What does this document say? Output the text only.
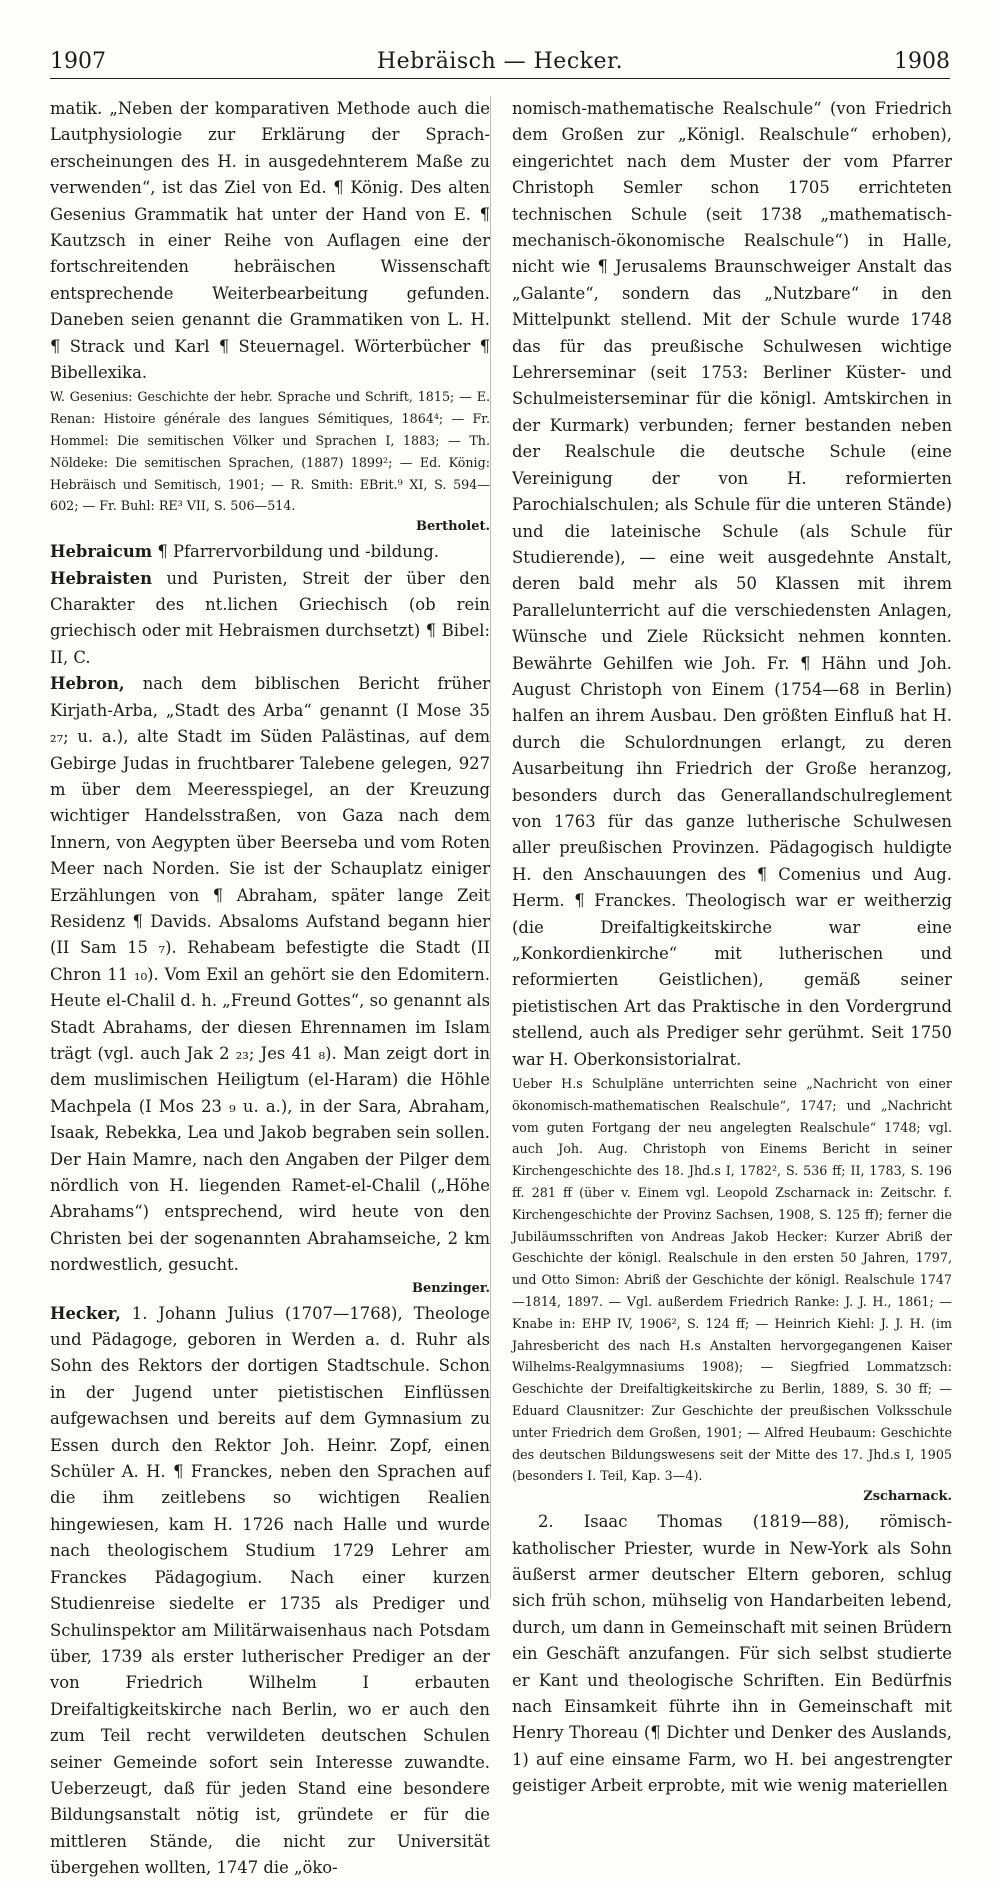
1907	Hebräisch — Hecker.	1908

matik. „Neben der komparativen Methode auch die Lautphysiologie zur Erklärung der Sprach-erscheinungen des H. in ausgedehnterem Maße zu verwenden“, ist das Ziel von Ed. ¶ König. Des alten Gesenius Grammatik hat unter der Hand von E. ¶ Kautzsch in einer Reihe von Auflagen eine der fortschreitenden hebräischen Wissenschaft entsprechende Weiterbearbeitung gefunden. Daneben seien genannt die Grammatiken von L. H. ¶ Strack und Karl ¶ Steuernagel. Wörterbücher ¶ Bibellexika.

W. Gesenius: Geschichte der hebr. Sprache und Schrift, 1815; — E. Renan: Histoire générale des langues Sémitiques, 1864⁴; — Fr. Hommel: Die semitischen Völker und Sprachen I, 1883; — Th. Nöldeke: Die semitischen Sprachen, (1887) 1899²; — Ed. König: Hebräisch und Semitisch, 1901; — R. Smith: EBrit.⁹ XI, S. 594—602; — Fr. Buhl: RE³ VII, S. 506—514.

Bertholet.

Hebraicum ¶ Pfarrervorbildung und -bildung.

Hebraisten und Puristen, Streit der über den Charakter des nt.lichen Griechisch (ob rein griechisch oder mit Hebraismen durchsetzt) ¶ Bibel: II, C.

Hebron, nach dem biblischen Bericht früher Kirjath-Arba, „Stadt des Arba“ genannt (I Mose 35 ₂₇; u. a.), alte Stadt im Süden Palästinas, auf dem Gebirge Judas in fruchtbarer Talebene gelegen, 927 m über dem Meeresspiegel, an der Kreuzung wichtiger Handelsstraßen, von Gaza nach dem Innern, von Aegypten über Beerseba und vom Roten Meer nach Norden. Sie ist der Schauplatz einiger Erzählungen von ¶ Abraham, später lange Zeit Residenz ¶ Davids. Absaloms Aufstand begann hier (II Sam 15 ₇). Rehabeam befestigte die Stadt (II Chron 11 ₁₀). Vom Exil an gehört sie den Edomitern. Heute el-Chalil d. h. „Freund Gottes“, so genannt als Stadt Abrahams, der diesen Ehrennamen im Islam trägt (vgl. auch Jak 2 ₂₃; Jes 41 ₈). Man zeigt dort in dem muslimischen Heiligtum (el-Haram) die Höhle Machpela (I Mos 23 ₉ u. a.), in der Sara, Abraham, Isaak, Rebekka, Lea und Jakob begraben sein sollen. Der Hain Mamre, nach den Angaben der Pilger dem nördlich von H. liegenden Ramet-el-Chalil („Höhe Abrahams“) entsprechend, wird heute von den Christen bei der sogenannten Abrahamseiche, 2 km nordwestlich, gesucht.

Benzinger.

Hecker, 1. Johann Julius (1707—1768), Theologe und Pädagoge, geboren in Werden a. d. Ruhr als Sohn des Rektors der dortigen Stadtschule. Schon in der Jugend unter pietistischen Einflüssen aufgewachsen und bereits auf dem Gymnasium zu Essen durch den Rektor Joh. Heinr. Zopf, einen Schüler A. H. ¶ Franckes, neben den Sprachen auf die ihm zeitlebens so wichtigen Realien hingewiesen, kam H. 1726 nach Halle und wurde nach theologischem Studium 1729 Lehrer am Franckes Pädagogium. Nach einer kurzen Studienreise siedelte er 1735 als Prediger und Schulinspektor am Militärwaisenhaus nach Potsdam über, 1739 als erster lutherischer Prediger an der von Friedrich Wilhelm I erbauten Dreifaltigkeitskirche nach Berlin, wo er auch den zum Teil recht verwildeten deutschen Schulen seiner Gemeinde sofort sein Interesse zuwandte. Ueberzeugt, daß für jeden Stand eine besondere Bildungsanstalt nötig ist, gründete er für die mittleren Stände, die nicht zur Universität übergehen wollten, 1747 die „öko-

nomisch-mathematische Realschule“ (von Friedrich dem Großen zur „Königl. Realschule“ erhoben), eingerichtet nach dem Muster der vom Pfarrer Christoph Semler schon 1705 errichteten technischen Schule (seit 1738 „mathematisch-mechanisch-ökonomische Realschule“) in Halle, nicht wie ¶ Jerusalems Braunschweiger Anstalt das „Galante“, sondern das „Nutzbare“ in den Mittelpunkt stellend. Mit der Schule wurde 1748 das für das preußische Schulwesen wichtige Lehrerseminar (seit 1753: Berliner Küster- und Schulmeisterseminar für die königl. Amtskirchen in der Kurmark) verbunden; ferner bestanden neben der Realschule die deutsche Schule (eine Vereinigung der von H. reformierten Parochialschulen; als Schule für die unteren Stände) und die lateinische Schule (als Schule für Studierende), — eine weit ausgedehnte Anstalt, deren bald mehr als 50 Klassen mit ihrem Parallelunterricht auf die verschiedensten Anlagen, Wünsche und Ziele Rücksicht nehmen konnten. Bewährte Gehilfen wie Joh. Fr. ¶ Hähn und Joh. August Christoph von Einem (1754—68 in Berlin) halfen an ihrem Ausbau. Den größten Einfluß hat H. durch die Schulordnungen erlangt, zu deren Ausarbeitung ihn Friedrich der Große heranzog, besonders durch das Generallandschulreglement von 1763 für das ganze lutherische Schulwesen aller preußischen Provinzen. Pädagogisch huldigte H. den Anschauungen des ¶ Comenius und Aug. Herm. ¶ Franckes. Theologisch war er weitherzig (die Dreifaltigkeitskirche war eine „Konkordienkirche“ mit lutherischen und reformierten Geistlichen), gemäß seiner pietistischen Art das Praktische in den Vordergrund stellend, auch als Prediger sehr gerühmt. Seit 1750 war H. Oberkonsistorialrat.

Ueber H.s Schulpläne unterrichten seine „Nachricht von einer ökonomisch-mathematischen Realschule“, 1747; und „Nachricht vom guten Fortgang der neu angelegten Realschule“ 1748; vgl. auch Joh. Aug. Christoph von Einems Bericht in seiner Kirchengeschichte des 18. Jhd.s I, 1782², S. 536 ff; II, 1783, S. 196 ff. 281 ff (über v. Einem vgl. Leopold Zscharnack in: Zeitschr. f. Kirchengeschichte der Provinz Sachsen, 1908, S. 125 ff); ferner die Jubiläumsschriften von Andreas Jakob Hecker: Kurzer Abriß der Geschichte der königl. Realschule in den ersten 50 Jahren, 1797, und Otto Simon: Abriß der Geschichte der königl. Realschule 1747—1814, 1897. — Vgl. außerdem Friedrich Ranke: J. J. H., 1861; — Knabe in: EHP IV, 1906², S. 124 ff; — Heinrich Kiehl: J. J. H. (im Jahresbericht des nach H.s Anstalten hervorgegangenen Kaiser Wilhelms-Realgymnasiums 1908); — Siegfried Lommatzsch: Geschichte der Dreifaltigkeitskirche zu Berlin, 1889, S. 30 ff; — Eduard Clausnitzer: Zur Geschichte der preußischen Volksschule unter Friedrich dem Großen, 1901; — Alfred Heubaum: Geschichte des deutschen Bildungswesens seit der Mitte des 17. Jhd.s I, 1905 (besonders I. Teil, Kap. 3—4).

Zscharnack.

2. Isaac Thomas (1819—88), römisch-katholischer Priester, wurde in New-York als Sohn äußerst armer deutscher Eltern geboren, schlug sich früh schon, mühselig von Handarbeiten lebend, durch, um dann in Gemeinschaft mit seinen Brüdern ein Geschäft anzufangen. Für sich selbst studierte er Kant und theologische Schriften. Ein Bedürfnis nach Einsamkeit führte ihn in Gemeinschaft mit Henry Thoreau (¶ Dichter und Denker des Auslands, 1) auf eine einsame Farm, wo H. bei angestrengter geistiger Arbeit erprobte, mit wie wenig materiellen
